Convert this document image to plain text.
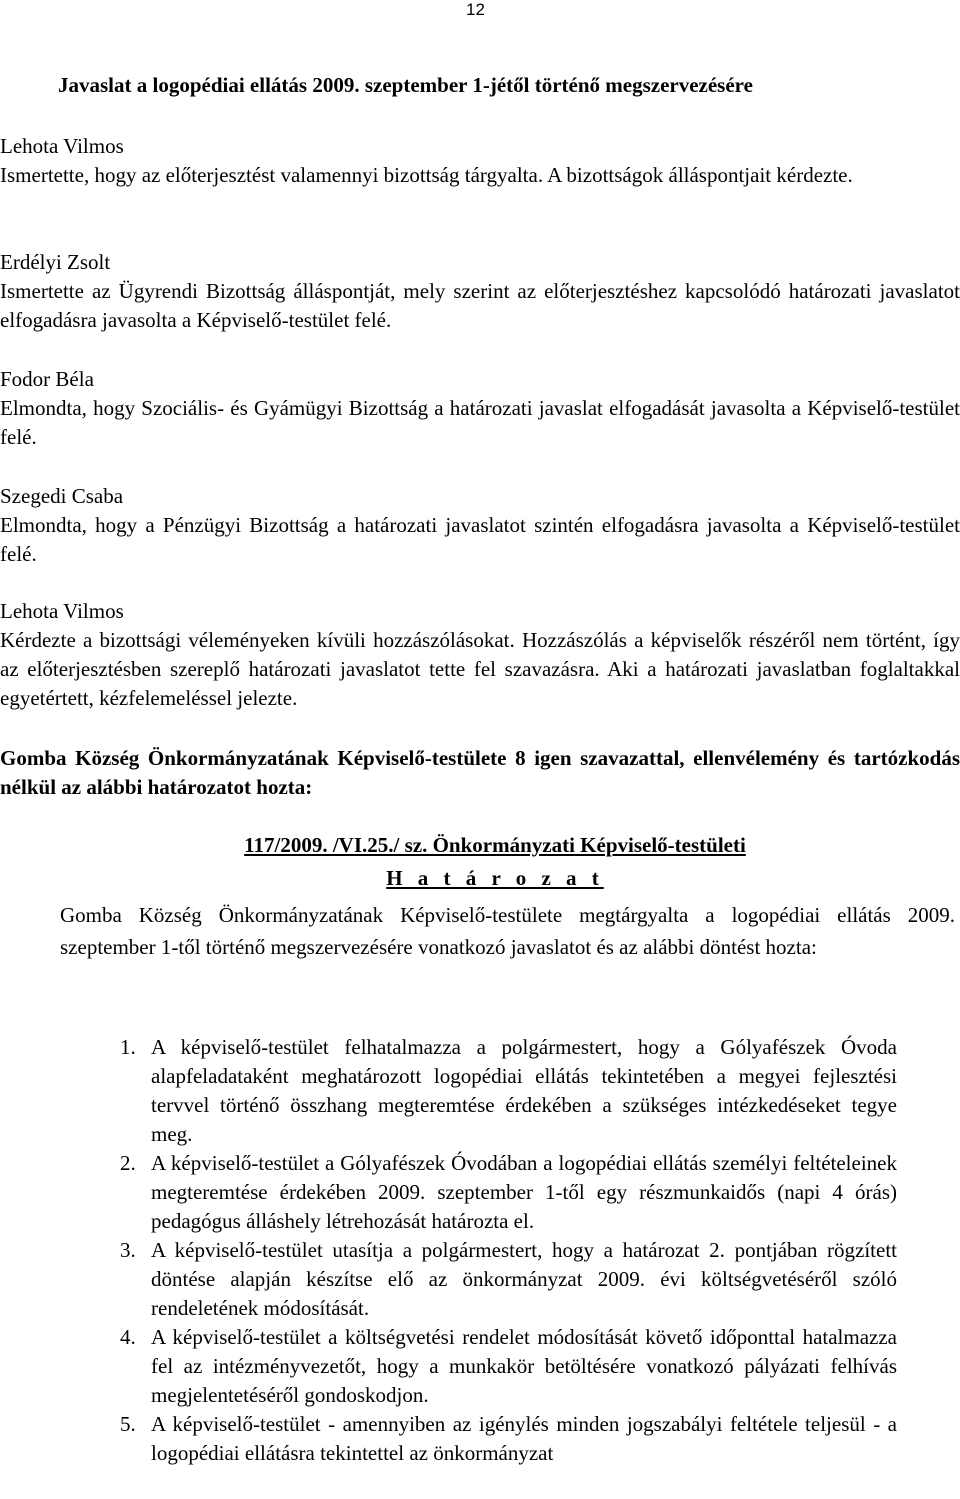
12
Javaslat a logopédiai ellátás 2009. szeptember 1-jétől történő megszervezésére
Lehota Vilmos
Ismertette, hogy az előterjesztést valamennyi bizottság tárgyalta. A bizottságok álláspontjait kérdezte.
Erdélyi Zsolt
Ismertette az Ügyrendi Bizottság álláspontját, mely szerint az előterjesztéshez kapcsolódó határozati javaslatot elfogadásra javasolta a Képviselő-testület felé.
Fodor Béla
Elmondta, hogy Szociális- és Gyámügyi Bizottság a határozati javaslat elfogadását javasolta a Képviselő-testület felé.
Szegedi Csaba
Elmondta, hogy a Pénzügyi Bizottság a határozati javaslatot szintén elfogadásra javasolta a Képviselő-testület felé.
Lehota Vilmos
Kérdezte a bizottsági véleményeken kívüli hozzászólásokat. Hozzászólás a képviselők részéről nem történt, így az előterjesztésben szereplő határozati javaslatot tette fel szavazásra. Aki a határozati javaslatban foglaltakkal egyetértett, kézfelemeléssel jelezte.
Gomba Község Önkormányzatának Képviselő-testülete 8 igen szavazattal, ellenvélemény és tartózkodás nélkül az alábbi határozatot hozta:
117/2009. /VI.25./ sz. Önkormányzati Képviselő-testületi
H a t á r o z a t
Gomba Község Önkormányzatának Képviselő-testülete megtárgyalta a logopédiai ellátás 2009. szeptember 1-től történő megszervezésére vonatkozó javaslatot és az alábbi döntést hozta:
1. A képviselő-testület felhatalmazza a polgármestert, hogy a Gólyafészek Óvoda alapfeladataként meghatározott logopédiai ellátás tekintetében a megyei fejlesztési tervvel történő összhang megteremtése érdekében a szükséges intézkedéseket tegye meg.
2. A képviselő-testület a Gólyafészek Óvodában a logopédiai ellátás személyi feltételeinek megteremtése érdekében 2009. szeptember 1-től egy részmunkaidős (napi 4 órás) pedagógus álláshely létrehozását határozta el.
3. A képviselő-testület utasítja a polgármestert, hogy a határozat 2. pontjában rögzített döntése alapján készítse elő az önkormányzat 2009. évi költségvetéséről szóló rendeletének módosítását.
4. A képviselő-testület a költségvetési rendelet módosítását követő időponttal hatalmazza fel az intézményvezetőt, hogy a munkakör betöltésére vonatkozó pályázati felhívás megjelentetéséről gondoskodjon.
5. A képviselő-testület - amennyiben az igénylés minden jogszabályi feltétele teljesül - a logopédiai ellátásra tekintettel az önkormányzat
